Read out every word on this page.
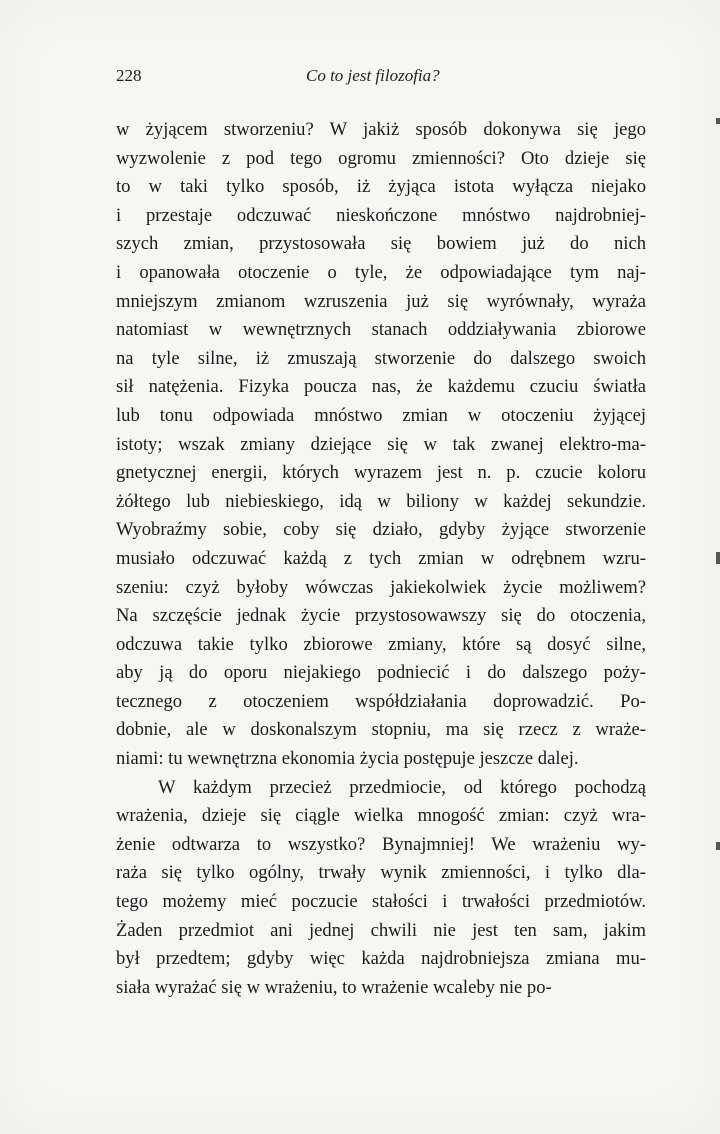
228	Co to jest filozofia?
w żyjącem stworzeniu? W jakiż sposób dokonywa się jego
wyzwolenie z pod tego ogromu zmienności? Oto dzieje się
to w taki tylko sposób, iż żyjąca istota wyłącza niejako
i przestaje odczuwać nieskończone mnóstwo najdrobniej-
szych zmian, przystosowała się bowiem już do nich
i opanowała otoczenie o tyle, że odpowiadające tym naj-
mniejszym zmianom wzruszenia już się wyrównały, wyraża
natomiast w wewnętrznych stanach oddziaływania zbiorowe
na tyle silne, iż zmuszają stworzenie do dalszego swoich
sił natężenia. Fizyka poucza nas, że każdemu czuciu światła
lub tonu odpowiada mnóstwo zmian w otoczeniu żyjącej
istoty; wszak zmiany dziejące się w tak zwanej elektro-ma-
gnetycznej energii, których wyrazem jest n. p. czucie koloru
żółtego lub niebieskiego, idą w biliony w każdej sekundzie.
Wyobraźmy sobie, coby się działo, gdyby żyjące stworzenie
musiało odczuwać każdą z tych zmian w odrębnem wzru-
szeniu: czyż byłoby wówczas jakiekolwiek życie możliwem?
Na szczęście jednak życie przystosowawszy się do otoczenia,
odczuwa takie tylko zbiorowe zmiany, które są dosyć silne,
aby ją do oporu niejakiego podniecić i do dalszego poży-
tecznego z otoczeniem współdziałania doprowadzić. Po-
dobnie, ale w doskonalszym stopniu, ma się rzecz z wraże-
niami: tu wewnętrzna ekonomia życia postępuje jeszcze dalej.
W każdym przecież przedmiocie, od którego pochodzą
wrażenia, dzieje się ciągle wielka mnogość zmian: czyż wra-
żenie odtwarza to wszystko? Bynajmniej! We wrażeniu wy-
raża się tylko ogólny, trwały wynik zmienności, i tylko dla-
tego możemy mieć poczucie stałości i trwałości przedmiotów.
Żaden przedmiot ani jednej chwili nie jest ten sam, jakim
był przedtem; gdyby więc każda najdrobniejsza zmiana mu-
siała wyrażać się w wrażeniu, to wrażenie wcaleby nie po-
